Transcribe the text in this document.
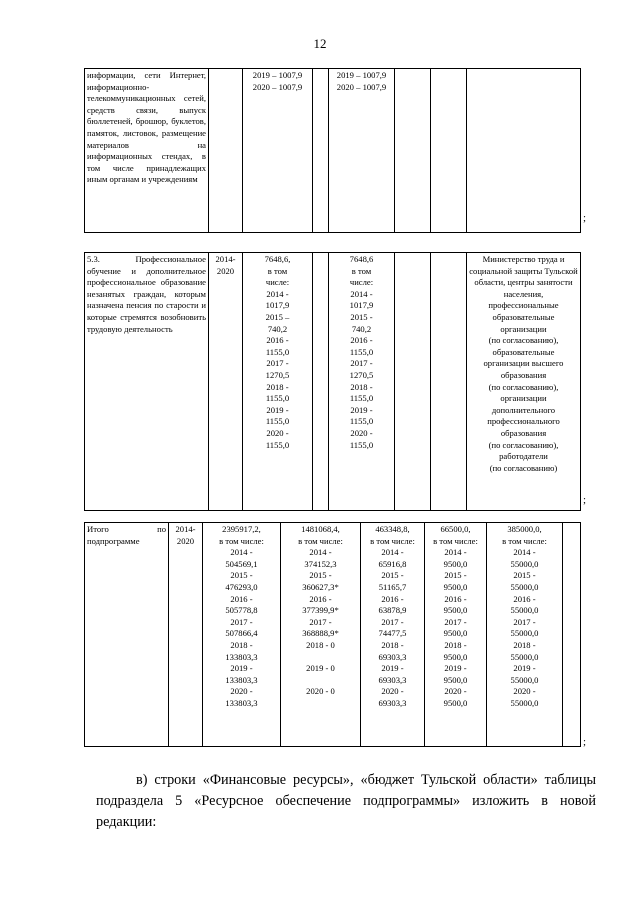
12
информации, сети Интернет, информационно-телекоммуникационных сетей, средств связи, выпуск бюллетеней, брошюр, буклетов, памяток, листовок, размещение материалов на информационных стендах, в том числе принадлежащих иным органам и учреждениям		2019 – 1007,9
2020 – 1007,9		2019 – 1007,9
2020 – 1007,9			
;
5.3. Профессиональное обучение и дополнительное профессиональное образование незанятых граждан, которым назначена пенсия по старости и которые стремятся возобновить трудовую деятельность	2014-
2020	7648,6,
в том
числе:
2014 -
1017,9
2015 –
740,2
2016 -
1155,0
2017 -
1270,5
2018 -
1155,0
2019 -
1155,0
2020 -
1155,0		7648,6
в том
числе:
2014 -
1017,9
2015 -
740,2
2016 -
1155,0
2017 -
1270,5
2018 -
1155,0
2019 -
1155,0
2020 -
1155,0			Министерство труда и социальной защиты Тульской области, центры занятости населения, профессиональные образовательные организации
(по согласованию), образовательные организации высшего образования
(по согласованию), организации дополнительного профессионального образования
(по согласованию), работодатели
(по согласованию)
;
Итого по подпрограмме	2014-
2020	2395917,2,
в том числе:
2014 -
504569,1
2015 -
476293,0
2016 -
505778,8
2017 -
507866,4
2018 -
133803,3
2019 -
133803,3
2020 -
133803,3	1481068,4,
в том числе:
2014 -
374152,3
2015 -
360627,3*
2016 -
377399,9*
2017 -
368888,9*
2018 - 0

2019 - 0

2020 - 0	463348,8,
в том числе:
2014 -
65916,8
2015 -
51165,7
2016 -
63878,9
2017 -
74477,5
2018 -
69303,3
2019 -
69303,3
2020 -
69303,3	66500,0,
в том числе:
2014 -
9500,0
2015 -
9500,0
2016 -
9500,0
2017 -
9500,0
2018 -
9500,0
2019 -
9500,0
2020 -
9500,0	385000,0,
в том числе:
2014 -
55000,0
2015 -
55000,0
2016 -
55000,0
2017 -
55000,0
2018 -
55000,0
2019 -
55000,0
2020 -
55000,0	
;
в) строки «Финансовые ресурсы», «бюджет Тульской области» таблицы подраздела 5 «Ресурсное обеспечение подпрограммы» изложить в новой редакции:
